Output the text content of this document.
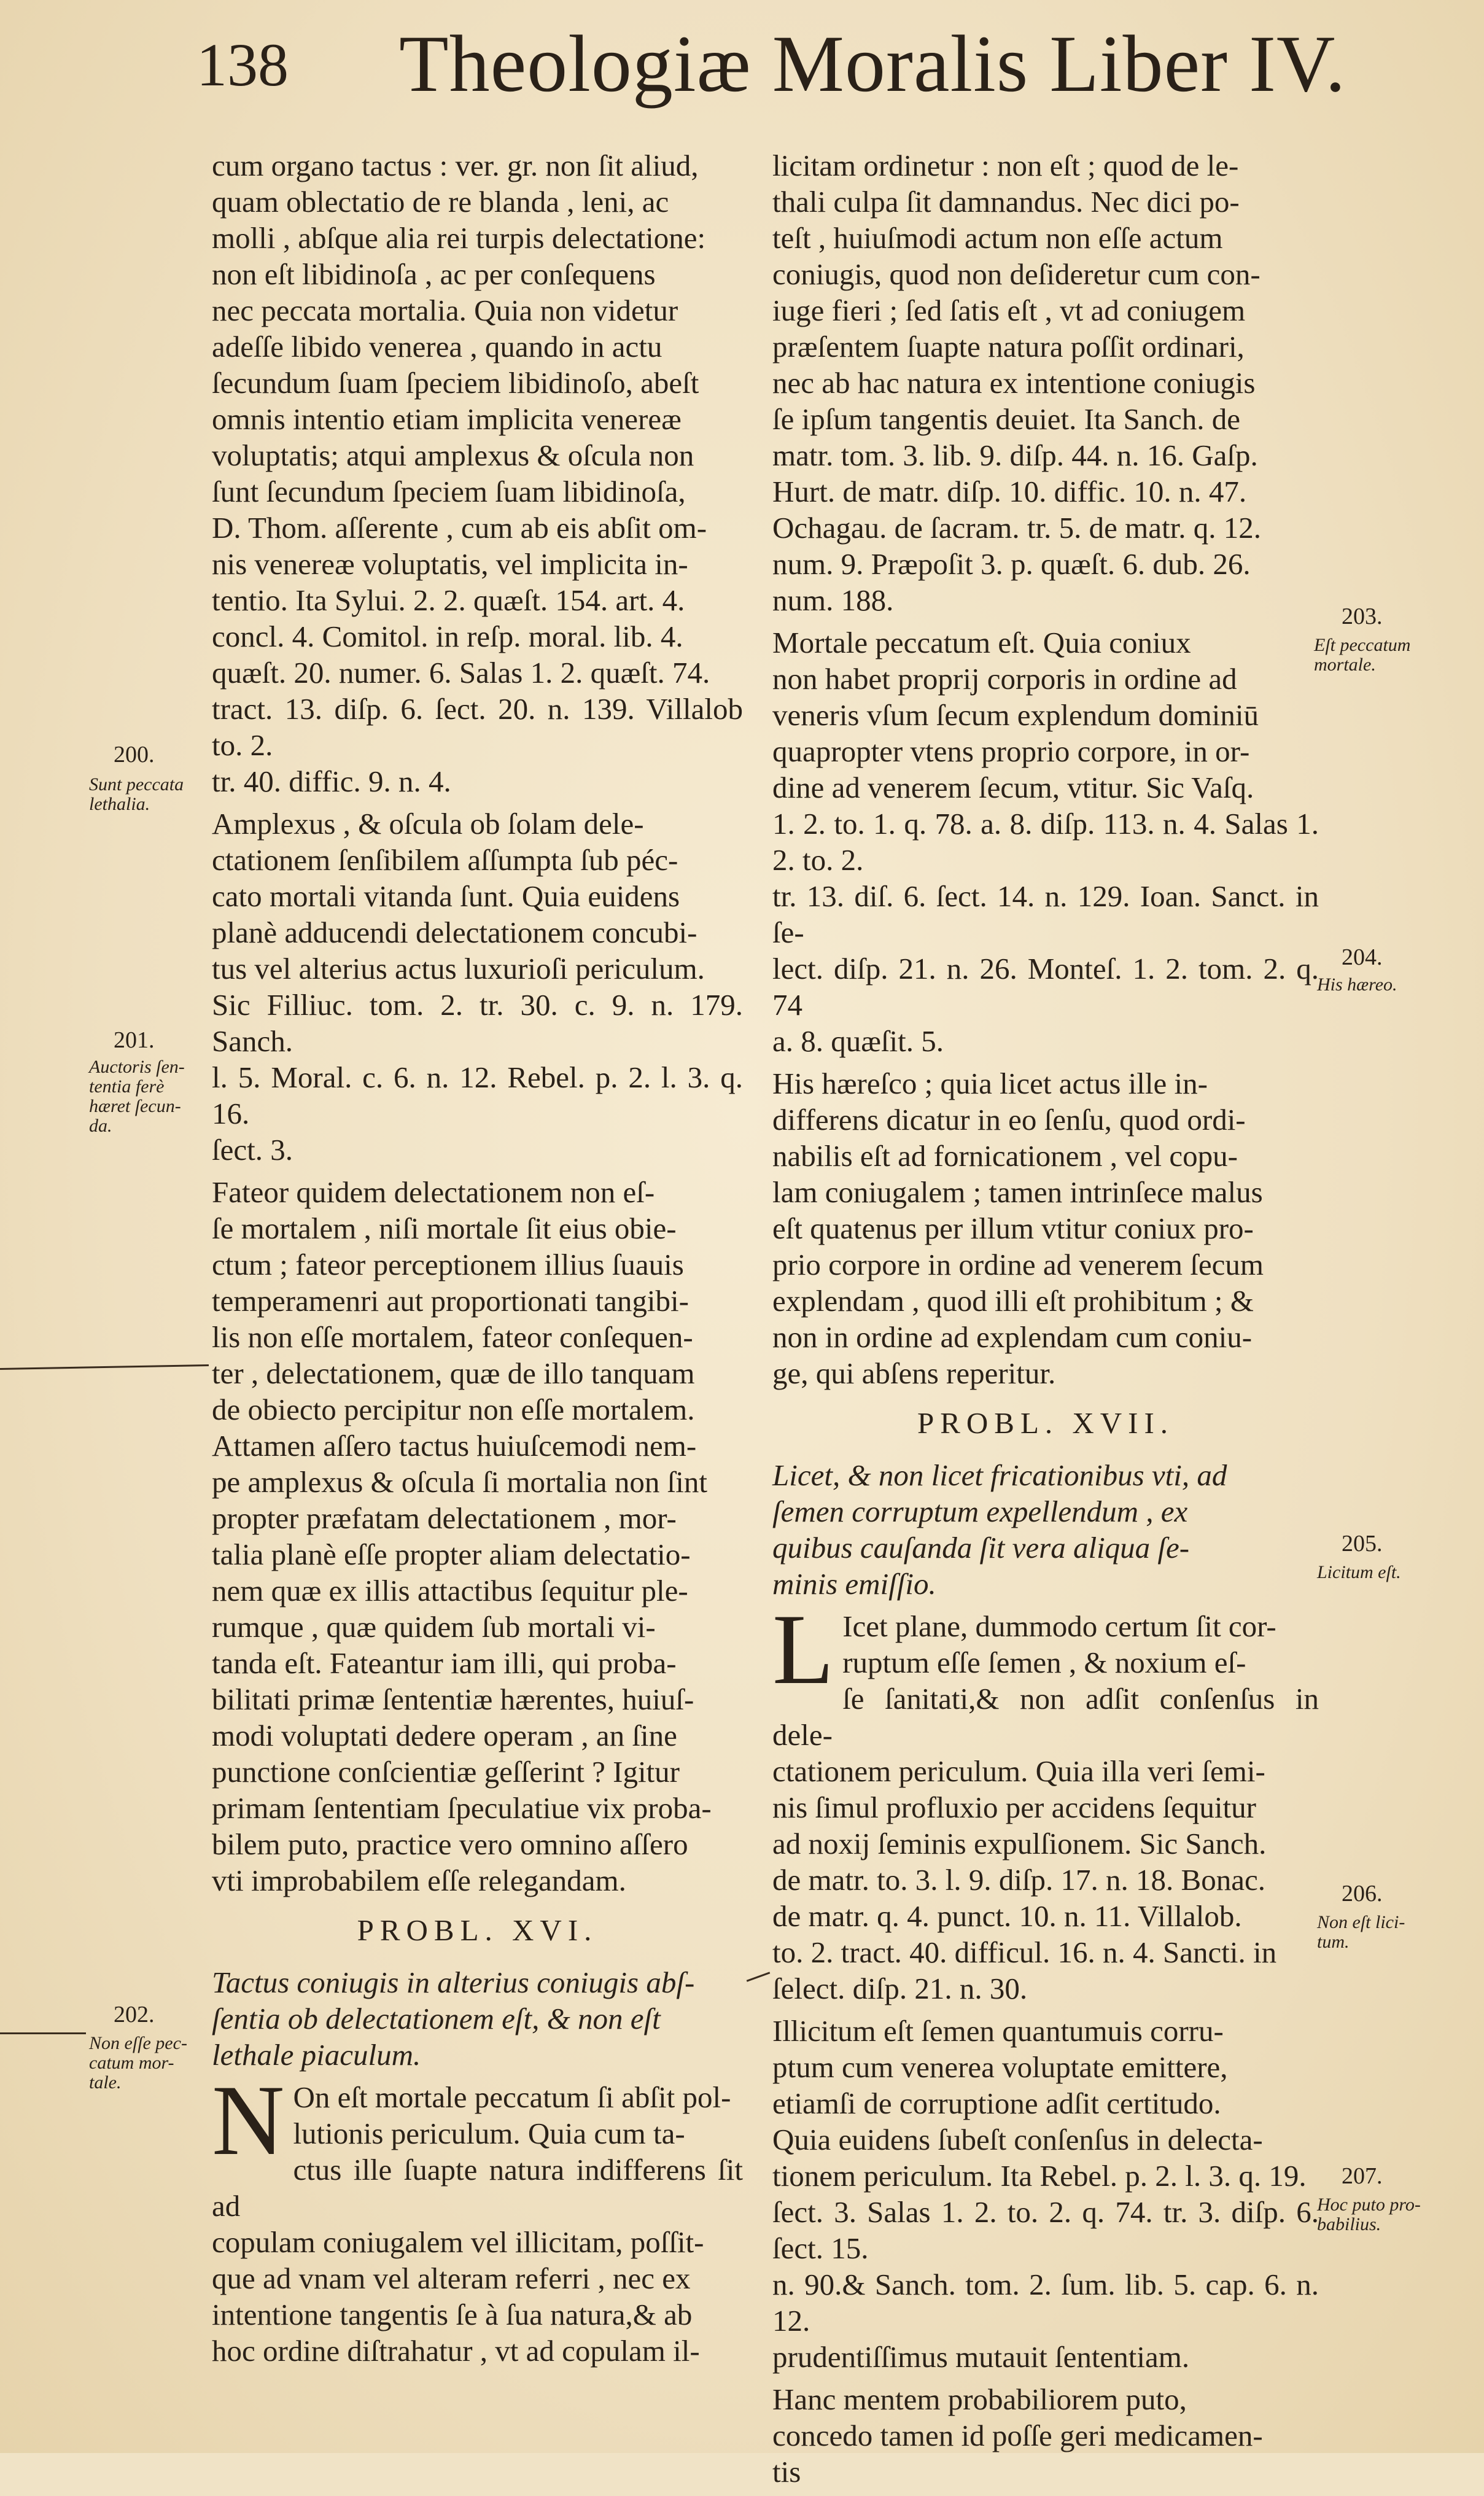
138 Theologiæ Moralis Liber IV.

cum organo tactus : ver. gr. non ſit aliud,
quam oblectatio de re blanda , leni, ac
molli , abſque alia rei turpis delectatione:
non eſt libidinoſa , ac per conſequens
nec peccata mortalia. Quia non videtur
adeſſe libido venerea , quando in actu
ſecundum ſuam ſpeciem libidinoſo, abeſt
omnis intentio etiam implicita venereæ
voluptatis; atqui amplexus & oſcula non
ſunt ſecundum ſpeciem ſuam libidinoſa,
D. Thom. aſſerente , cum ab eis abſit om-
nis venereæ voluptatis, vel implicita in-
tentio. Ita Sylui. 2. 2. quæſt. 154. art. 4.
concl. 4. Comitol. in reſp. moral. lib. 4.
quæſt. 20. numer. 6. Salas 1. 2. quæſt. 74.
tract. 13. diſp. 6. ſect. 20. n. 139. Villalob to. 2.
tr. 40. diffic. 9. n. 4.

Amplexus , & oſcula ob ſolam dele-
ctationem ſenſibilem aſſumpta ſub péc-
cato mortali vitanda ſunt. Quia euidens
planè adducendi delectationem concubi-
tus vel alterius actus luxurioſi periculum.
Sic Filliuc. tom. 2. tr. 30. c. 9. n. 179. Sanch.
l. 5. Moral. c. 6. n. 12. Rebel. p. 2. l. 3. q. 16.
ſect. 3.

Fateor quidem delectationem non eſ-
ſe mortalem , niſi mortale ſit eius obie-
ctum ; fateor perceptionem illius ſuauis
temperamenri aut proportionati tangibi-
lis non eſſe mortalem, fateor conſequen-
ter , delectationem, quæ de illo tanquam
de obiecto percipitur non eſſe mortalem.
Attamen aſſero tactus huiuſcemodi nem-
pe amplexus & oſcula ſi mortalia non ſint
propter præfatam delectationem , mor-
talia planè eſſe propter aliam delectatio-
nem quæ ex illis attactibus ſequitur ple-
rumque , quæ quidem ſub mortali vi-
tanda eſt. Fateantur iam illi, qui proba-
bilitati primæ ſententiæ hærentes, huiuſ-
modi voluptati dedere operam , an ſine
punctione conſcientiæ geſſerint ? Igitur
primam ſententiam ſpeculatiue vix proba-
bilem puto, practice vero omnino aſſero
vti improbabilem eſſe relegandam.

PROBL. XVI.

Tactus coniugis in alterius coniugis abſ-
ſentia ob delectationem eſt, & non eſt
lethale piaculum.

N On eſt mortale peccatum ſi abſit pol-
lutionis periculum. Quia cum ta-
ctus ille ſuapte natura indifferens ſit ad
copulam coniugalem vel illicitam, poſſit-
que ad vnam vel alteram referri , nec ex
intentione tangentis ſe à ſua natura,& ab
hoc ordine diſtrahatur , vt ad copulam il-

licitam ordinetur : non eſt ; quod de le-
thali culpa ſit damnandus. Nec dici po-
teſt , huiuſmodi actum non eſſe actum
coniugis, quod non deſideretur cum con-
iuge fieri ; ſed ſatis eſt , vt ad coniugem
præſentem ſuapte natura poſſit ordinari,
nec ab hac natura ex intentione coniugis
ſe ipſum tangentis deuiet. Ita Sanch. de
matr. tom. 3. lib. 9. diſp. 44. n. 16. Gaſp.
Hurt. de matr. diſp. 10. diffic. 10. n. 47.
Ochagau. de ſacram. tr. 5. de matr. q. 12.
num. 9. Præpoſit 3. p. quæſt. 6. dub. 26.
num. 188.

Mortale peccatum eſt. Quia coniux
non habet proprij corporis in ordine ad
veneris vſum ſecum explendum dominiū
quapropter vtens proprio corpore, in or-
dine ad venerem ſecum, vtitur. Sic Vaſq.
1. 2. to. 1. q. 78. a. 8. diſp. 113. n. 4. Salas 1. 2. to. 2.
tr. 13. diſ. 6. ſect. 14. n. 129. Ioan. Sanct. in ſe-
lect. diſp. 21. n. 26. Monteſ. 1. 2. tom. 2. q. 74
a. 8. quæſit. 5.

His hæreſco ; quia licet actus ille in-
differens dicatur in eo ſenſu, quod ordi-
nabilis eſt ad fornicationem , vel copu-
lam coniugalem ; tamen intrinſece malus
eſt quatenus per illum vtitur coniux pro-
prio corpore in ordine ad venerem ſecum
explendam , quod illi eſt prohibitum ; &
non in ordine ad explendam cum coniu-
ge, qui abſens reperitur.

PROBL. XVII.

Licet, & non licet fricationibus vti, ad
ſemen corruptum expellendum , ex
quibus cauſanda ſit vera aliqua ſe-
minis emiſſio.

L Icet plane, dummodo certum ſit cor-
ruptum eſſe ſemen , & noxium eſ-
ſe ſanitati,& non adſit conſenſus in dele-
ctationem periculum. Quia illa veri ſemi-
nis ſimul profluxio per accidens ſequitur
ad noxij ſeminis expulſionem. Sic Sanch.
de matr. to. 3. l. 9. diſp. 17. n. 18. Bonac.
de matr. q. 4. punct. 10. n. 11. Villalob.
to. 2. tract. 40. difficul. 16. n. 4. Sancti. in
ſelect. diſp. 21. n. 30.

Illicitum eſt ſemen quantumuis corru-
ptum cum venerea voluptate emittere,
etiamſi de corruptione adſit certitudo.
Quia euidens ſubeſt conſenſus in delecta-
tionem periculum. Ita Rebel. p. 2. l. 3. q. 19.
ſect. 3. Salas 1. 2. to. 2. q. 74. tr. 3. diſp. 6. ſect. 15.
n. 90.& Sanch. tom. 2. ſum. lib. 5. cap. 6. n. 12.
prudentiſſimus mutauit ſententiam.

Hanc mentem probabiliorem puto,
concedo tamen id poſſe geri medicamen-
tis

200.
Sunt peccata
lethalia.
201.
Auctoris ſen-
tentia ferè
hæret ſecun-
da.
202.
Non eſſe pec-
catum mor-
tale.
203.
Eſt peccatum
mortale.
204.
His hæreo.
205.
Licitum eſt.
206.
Non eſt lici-
tum.
207.
Hoc puto pro-
babilius.
